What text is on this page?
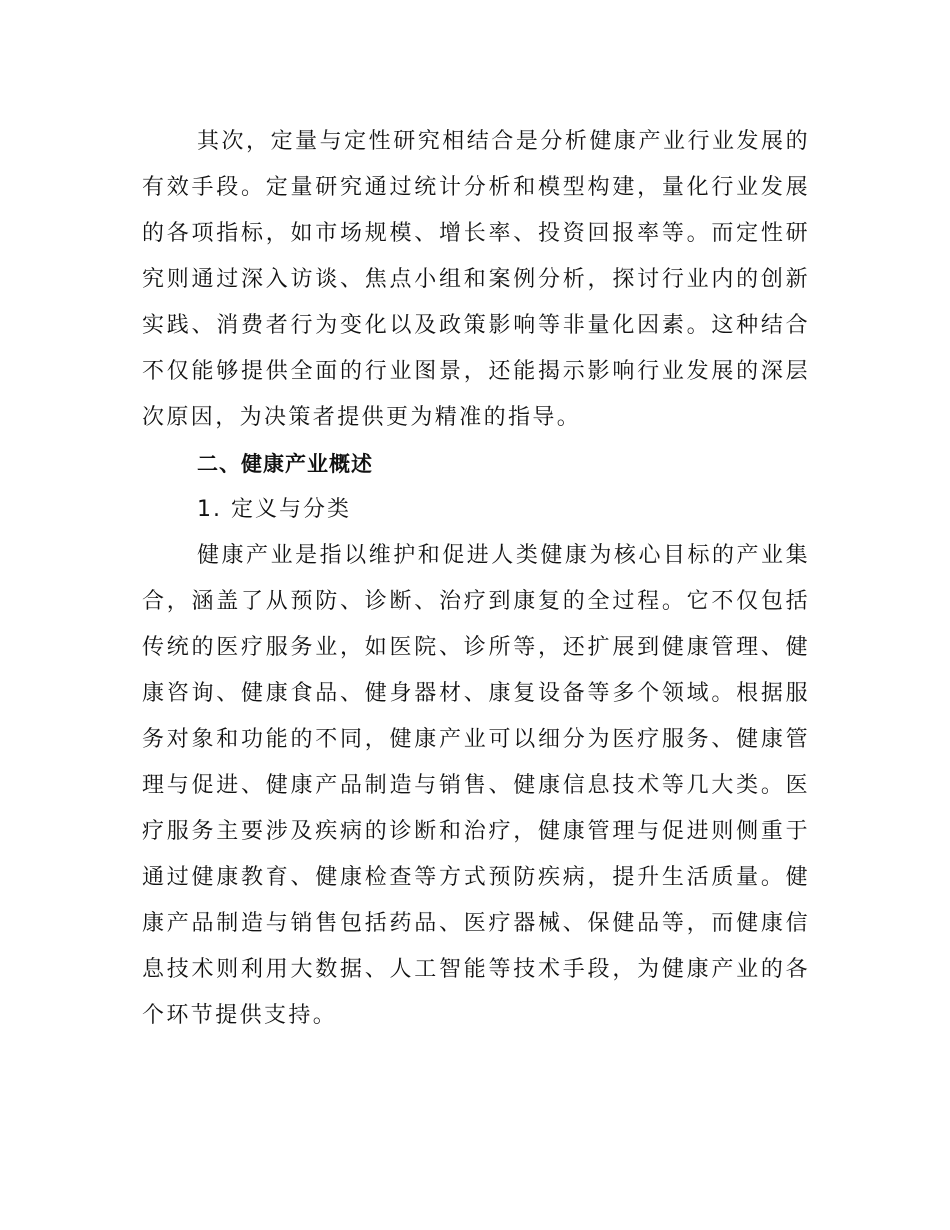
其次，定量与定性研究相结合是分析健康产业行业发展的有效手段。定量研究通过统计分析和模型构建，量化行业发展的各项指标，如市场规模、增长率、投资回报率等。而定性研究则通过深入访谈、焦点小组和案例分析，探讨行业内的创新实践、消费者行为变化以及政策影响等非量化因素。这种结合不仅能够提供全面的行业图景，还能揭示影响行业发展的深层次原因，为决策者提供更为精准的指导。

二、健康产业概述

1. 定义与分类

健康产业是指以维护和促进人类健康为核心目标的产业集合，涵盖了从预防、诊断、治疗到康复的全过程。它不仅包括传统的医疗服务业，如医院、诊所等，还扩展到健康管理、健康咨询、健康食品、健身器材、康复设备等多个领域。根据服务对象和功能的不同，健康产业可以细分为医疗服务、健康管理与促进、健康产品制造与销售、健康信息技术等几大类。医疗服务主要涉及疾病的诊断和治疗，健康管理与促进则侧重于通过健康教育、健康检查等方式预防疾病，提升生活质量。健康产品制造与销售包括药品、医疗器械、保健品等，而健康信息技术则利用大数据、人工智能等技术手段，为健康产业的各个环节提供支持。
